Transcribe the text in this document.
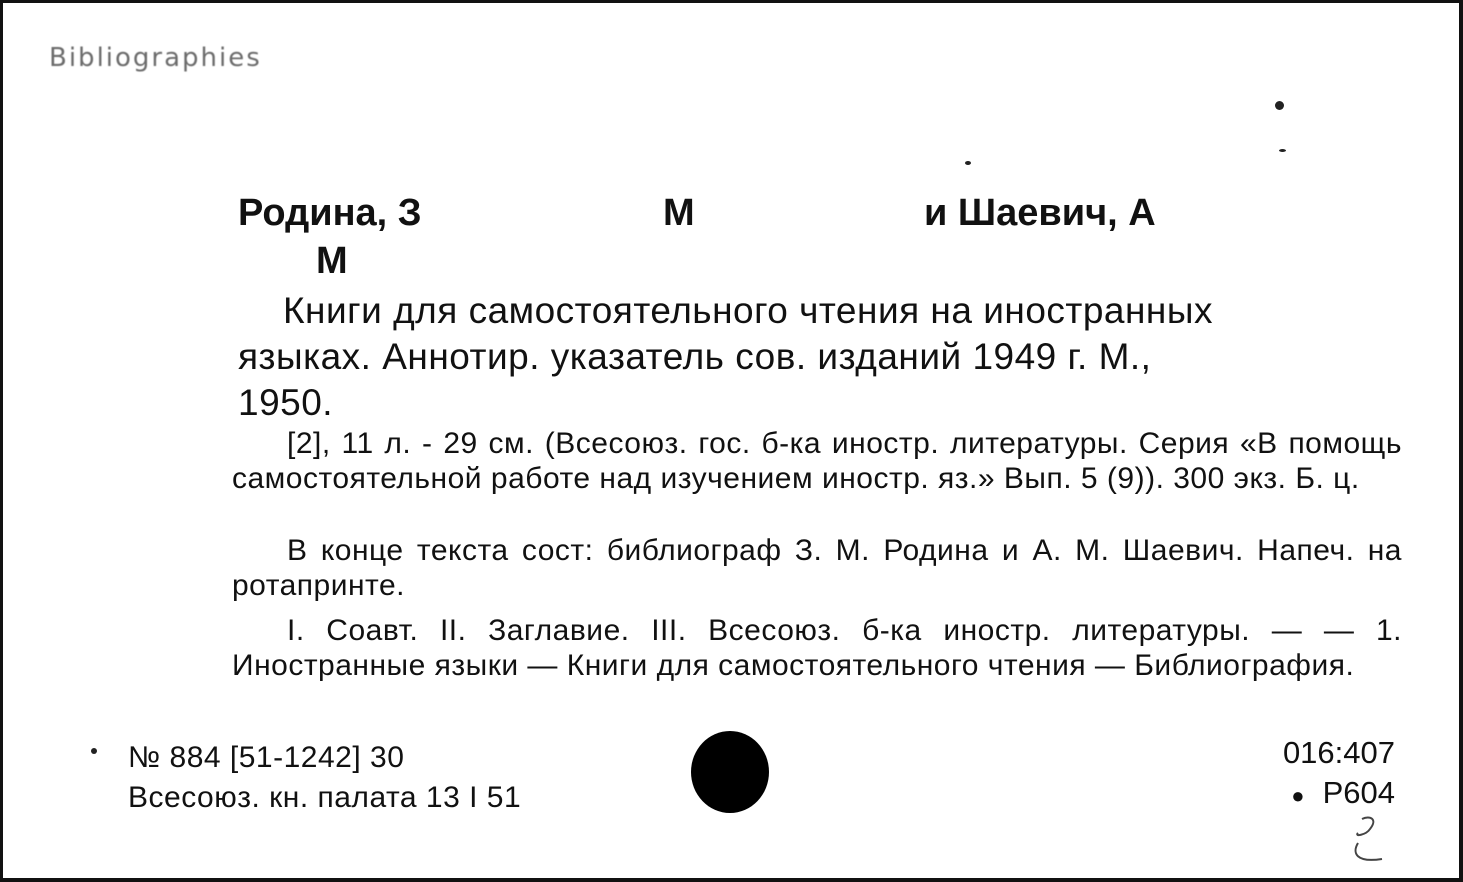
Bibliographies
Родина, З	М	и Шаевич, А
М
Книги для самостоятельного чтения на иностранных
языках. Аннотир. указатель сов. изданий 1949 г. М.,
1950.
[2], 11 л. - 29 см. (Всесоюз. гос. б-ка иностр. литературы. Серия «В помощь самостоятельной работе над изучением иностр. яз.» Вып. 5 (9)). 300 экз. Б. ц.
В конце текста сост: библиограф З. М. Родина и А. М. Шаевич. Напеч. на ротапринте.
I. Соавт. II. Заглавие. III. Всесоюз. б-ка иностр. литературы. — — 1. Иностранные языки — Книги для самостоятельного чтения — Библиография.
№ 884 [51-1242] 30
Всесоюз. кн. палата 13 I 51
016:407
● Р604
